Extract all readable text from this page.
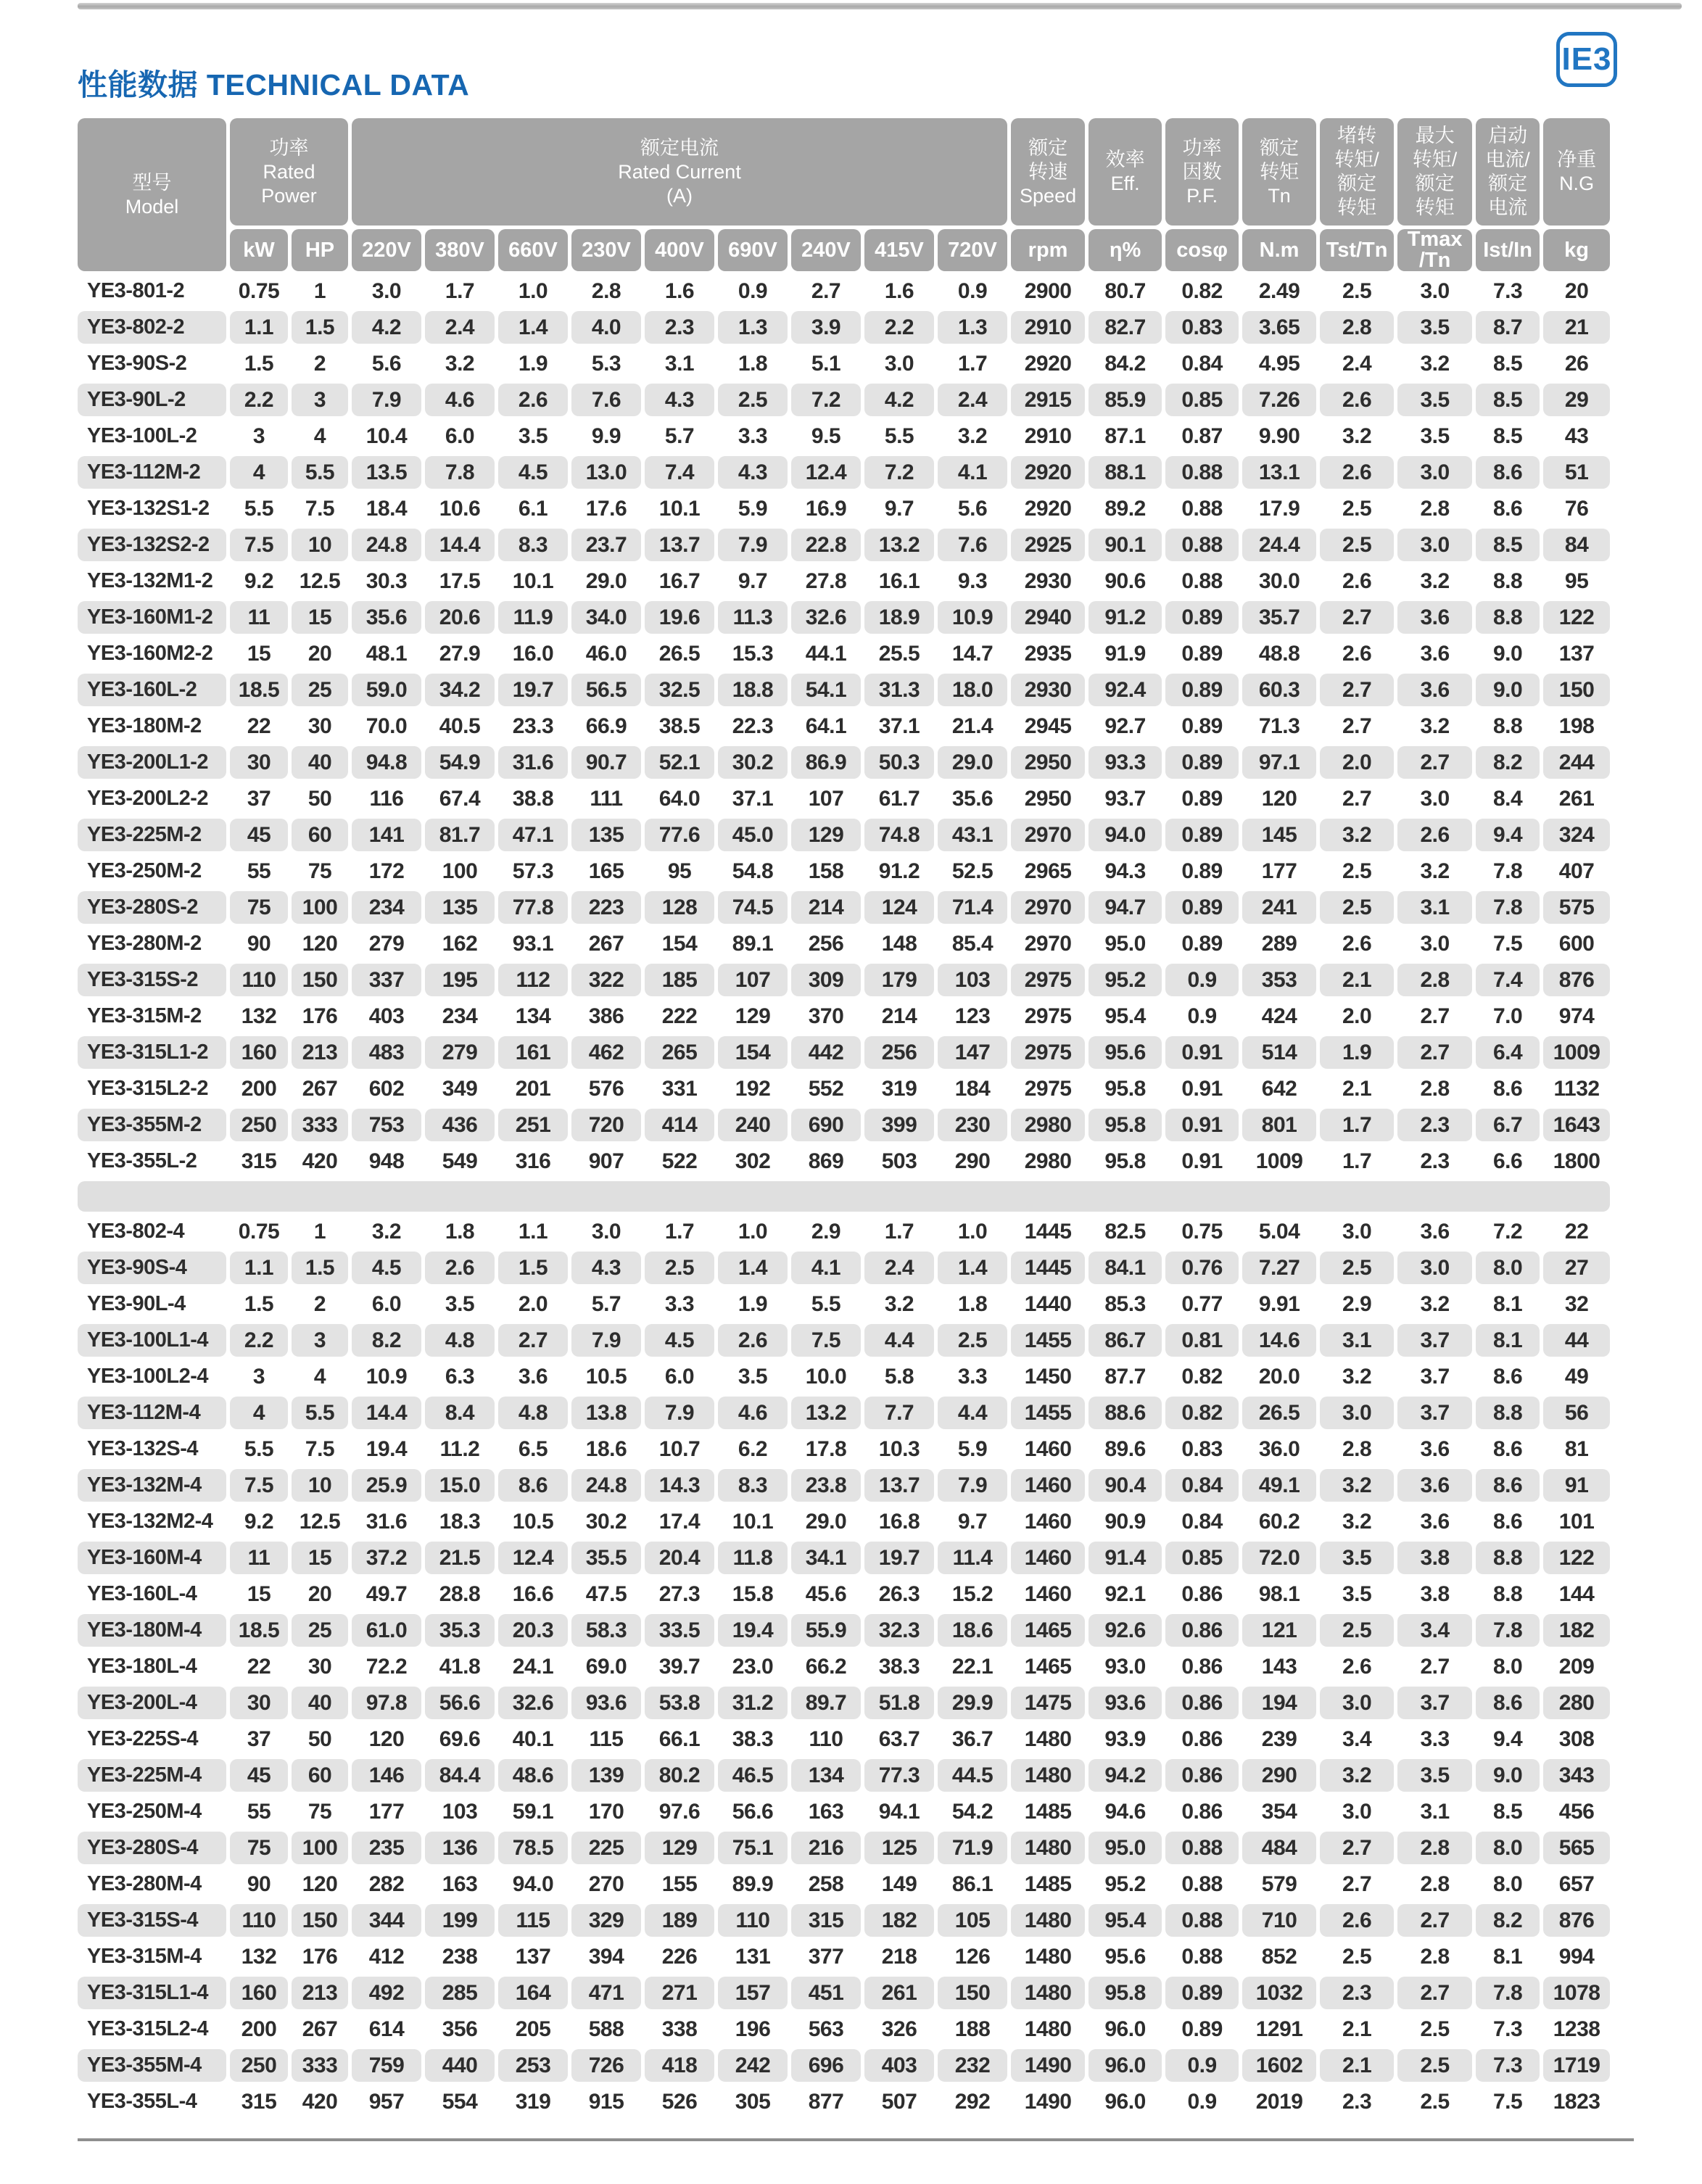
性能数据 TECHNICAL DATA
IE3
型号
Model

功率
Rated
Power

额定电流
Rated Current
(A)

额定
转速
Speed

效率
Eff.

功率
因数
P.F.

额定
转矩
Tn

堵转
转矩/
额定
转矩

最大
转矩/
额定
转矩

启动
电流/
额定
电流

净重
N.G

	kW	HP	220V	380V	660V	230V	400V	690V	240V	415V	720V	rpm	η%	cosφ	N.m	Tst/Tn	Tmax
/Tn	Ist/In	kg

YE3-801-2	0.75	1	3.0	1.7	1.0	2.8	1.6	0.9	2.7	1.6	0.9	2900	80.7	0.82	2.49	2.5	3.0	7.3	20
YE3-802-2	1.1	1.5	4.2	2.4	1.4	4.0	2.3	1.3	3.9	2.2	1.3	2910	82.7	0.83	3.65	2.8	3.5	8.7	21
YE3-90S-2	1.5	2	5.6	3.2	1.9	5.3	3.1	1.8	5.1	3.0	1.7	2920	84.2	0.84	4.95	2.4	3.2	8.5	26
YE3-90L-2	2.2	3	7.9	4.6	2.6	7.6	4.3	2.5	7.2	4.2	2.4	2915	85.9	0.85	7.26	2.6	3.5	8.5	29
YE3-100L-2	3	4	10.4	6.0	3.5	9.9	5.7	3.3	9.5	5.5	3.2	2910	87.1	0.87	9.90	3.2	3.5	8.5	43
YE3-112M-2	4	5.5	13.5	7.8	4.5	13.0	7.4	4.3	12.4	7.2	4.1	2920	88.1	0.88	13.1	2.6	3.0	8.6	51
YE3-132S1-2	5.5	7.5	18.4	10.6	6.1	17.6	10.1	5.9	16.9	9.7	5.6	2920	89.2	0.88	17.9	2.5	2.8	8.6	76
YE3-132S2-2	7.5	10	24.8	14.4	8.3	23.7	13.7	7.9	22.8	13.2	7.6	2925	90.1	0.88	24.4	2.5	3.0	8.5	84
YE3-132M1-2	9.2	12.5	30.3	17.5	10.1	29.0	16.7	9.7	27.8	16.1	9.3	2930	90.6	0.88	30.0	2.6	3.2	8.8	95
YE3-160M1-2	11	15	35.6	20.6	11.9	34.0	19.6	11.3	32.6	18.9	10.9	2940	91.2	0.89	35.7	2.7	3.6	8.8	122
YE3-160M2-2	15	20	48.1	27.9	16.0	46.0	26.5	15.3	44.1	25.5	14.7	2935	91.9	0.89	48.8	2.6	3.6	9.0	137
YE3-160L-2	18.5	25	59.0	34.2	19.7	56.5	32.5	18.8	54.1	31.3	18.0	2930	92.4	0.89	60.3	2.7	3.6	9.0	150
YE3-180M-2	22	30	70.0	40.5	23.3	66.9	38.5	22.3	64.1	37.1	21.4	2945	92.7	0.89	71.3	2.7	3.2	8.8	198
YE3-200L1-2	30	40	94.8	54.9	31.6	90.7	52.1	30.2	86.9	50.3	29.0	2950	93.3	0.89	97.1	2.0	2.7	8.2	244
YE3-200L2-2	37	50	116	67.4	38.8	111	64.0	37.1	107	61.7	35.6	2950	93.7	0.89	120	2.7	3.0	8.4	261
YE3-225M-2	45	60	141	81.7	47.1	135	77.6	45.0	129	74.8	43.1	2970	94.0	0.89	145	3.2	2.6	9.4	324
YE3-250M-2	55	75	172	100	57.3	165	95	54.8	158	91.2	52.5	2965	94.3	0.89	177	2.5	3.2	7.8	407
YE3-280S-2	75	100	234	135	77.8	223	128	74.5	214	124	71.4	2970	94.7	0.89	241	2.5	3.1	7.8	575
YE3-280M-2	90	120	279	162	93.1	267	154	89.1	256	148	85.4	2970	95.0	0.89	289	2.6	3.0	7.5	600
YE3-315S-2	110	150	337	195	112	322	185	107	309	179	103	2975	95.2	0.9	353	2.1	2.8	7.4	876
YE3-315M-2	132	176	403	234	134	386	222	129	370	214	123	2975	95.4	0.9	424	2.0	2.7	7.0	974
YE3-315L1-2	160	213	483	279	161	462	265	154	442	256	147	2975	95.6	0.91	514	1.9	2.7	6.4	1009
YE3-315L2-2	200	267	602	349	201	576	331	192	552	319	184	2975	95.8	0.91	642	2.1	2.8	8.6	1132
YE3-355M-2	250	333	753	436	251	720	414	240	690	399	230	2980	95.8	0.91	801	1.7	2.3	6.7	1643
YE3-355L-2	315	420	948	549	316	907	522	302	869	503	290	2980	95.8	0.91	1009	1.7	2.3	6.6	1800

YE3-802-4	0.75	1	3.2	1.8	1.1	3.0	1.7	1.0	2.9	1.7	1.0	1445	82.5	0.75	5.04	3.0	3.6	7.2	22
YE3-90S-4	1.1	1.5	4.5	2.6	1.5	4.3	2.5	1.4	4.1	2.4	1.4	1445	84.1	0.76	7.27	2.5	3.0	8.0	27
YE3-90L-4	1.5	2	6.0	3.5	2.0	5.7	3.3	1.9	5.5	3.2	1.8	1440	85.3	0.77	9.91	2.9	3.2	8.1	32
YE3-100L1-4	2.2	3	8.2	4.8	2.7	7.9	4.5	2.6	7.5	4.4	2.5	1455	86.7	0.81	14.6	3.1	3.7	8.1	44
YE3-100L2-4	3	4	10.9	6.3	3.6	10.5	6.0	3.5	10.0	5.8	3.3	1450	87.7	0.82	20.0	3.2	3.7	8.6	49
YE3-112M-4	4	5.5	14.4	8.4	4.8	13.8	7.9	4.6	13.2	7.7	4.4	1455	88.6	0.82	26.5	3.0	3.7	8.8	56
YE3-132S-4	5.5	7.5	19.4	11.2	6.5	18.6	10.7	6.2	17.8	10.3	5.9	1460	89.6	0.83	36.0	2.8	3.6	8.6	81
YE3-132M-4	7.5	10	25.9	15.0	8.6	24.8	14.3	8.3	23.8	13.7	7.9	1460	90.4	0.84	49.1	3.2	3.6	8.6	91
YE3-132M2-4	9.2	12.5	31.6	18.3	10.5	30.2	17.4	10.1	29.0	16.8	9.7	1460	90.9	0.84	60.2	3.2	3.6	8.6	101
YE3-160M-4	11	15	37.2	21.5	12.4	35.5	20.4	11.8	34.1	19.7	11.4	1460	91.4	0.85	72.0	3.5	3.8	8.8	122
YE3-160L-4	15	20	49.7	28.8	16.6	47.5	27.3	15.8	45.6	26.3	15.2	1460	92.1	0.86	98.1	3.5	3.8	8.8	144
YE3-180M-4	18.5	25	61.0	35.3	20.3	58.3	33.5	19.4	55.9	32.3	18.6	1465	92.6	0.86	121	2.5	3.4	7.8	182
YE3-180L-4	22	30	72.2	41.8	24.1	69.0	39.7	23.0	66.2	38.3	22.1	1465	93.0	0.86	143	2.6	2.7	8.0	209
YE3-200L-4	30	40	97.8	56.6	32.6	93.6	53.8	31.2	89.7	51.8	29.9	1475	93.6	0.86	194	3.0	3.7	8.6	280
YE3-225S-4	37	50	120	69.6	40.1	115	66.1	38.3	110	63.7	36.7	1480	93.9	0.86	239	3.4	3.3	9.4	308
YE3-225M-4	45	60	146	84.4	48.6	139	80.2	46.5	134	77.3	44.5	1480	94.2	0.86	290	3.2	3.5	9.0	343
YE3-250M-4	55	75	177	103	59.1	170	97.6	56.6	163	94.1	54.2	1485	94.6	0.86	354	3.0	3.1	8.5	456
YE3-280S-4	75	100	235	136	78.5	225	129	75.1	216	125	71.9	1480	95.0	0.88	484	2.7	2.8	8.0	565
YE3-280M-4	90	120	282	163	94.0	270	155	89.9	258	149	86.1	1485	95.2	0.88	579	2.7	2.8	8.0	657
YE3-315S-4	110	150	344	199	115	329	189	110	315	182	105	1480	95.4	0.88	710	2.6	2.7	8.2	876
YE3-315M-4	132	176	412	238	137	394	226	131	377	218	126	1480	95.6	0.88	852	2.5	2.8	8.1	994
YE3-315L1-4	160	213	492	285	164	471	271	157	451	261	150	1480	95.8	0.89	1032	2.3	2.7	7.8	1078
YE3-315L2-4	200	267	614	356	205	588	338	196	563	326	188	1480	96.0	0.89	1291	2.1	2.5	7.3	1238
YE3-355M-4	250	333	759	440	253	726	418	242	696	403	232	1490	96.0	0.9	1602	2.1	2.5	7.3	1719
YE3-355L-4	315	420	957	554	319	915	526	305	877	507	292	1490	96.0	0.9	2019	2.3	2.5	7.5	1823
